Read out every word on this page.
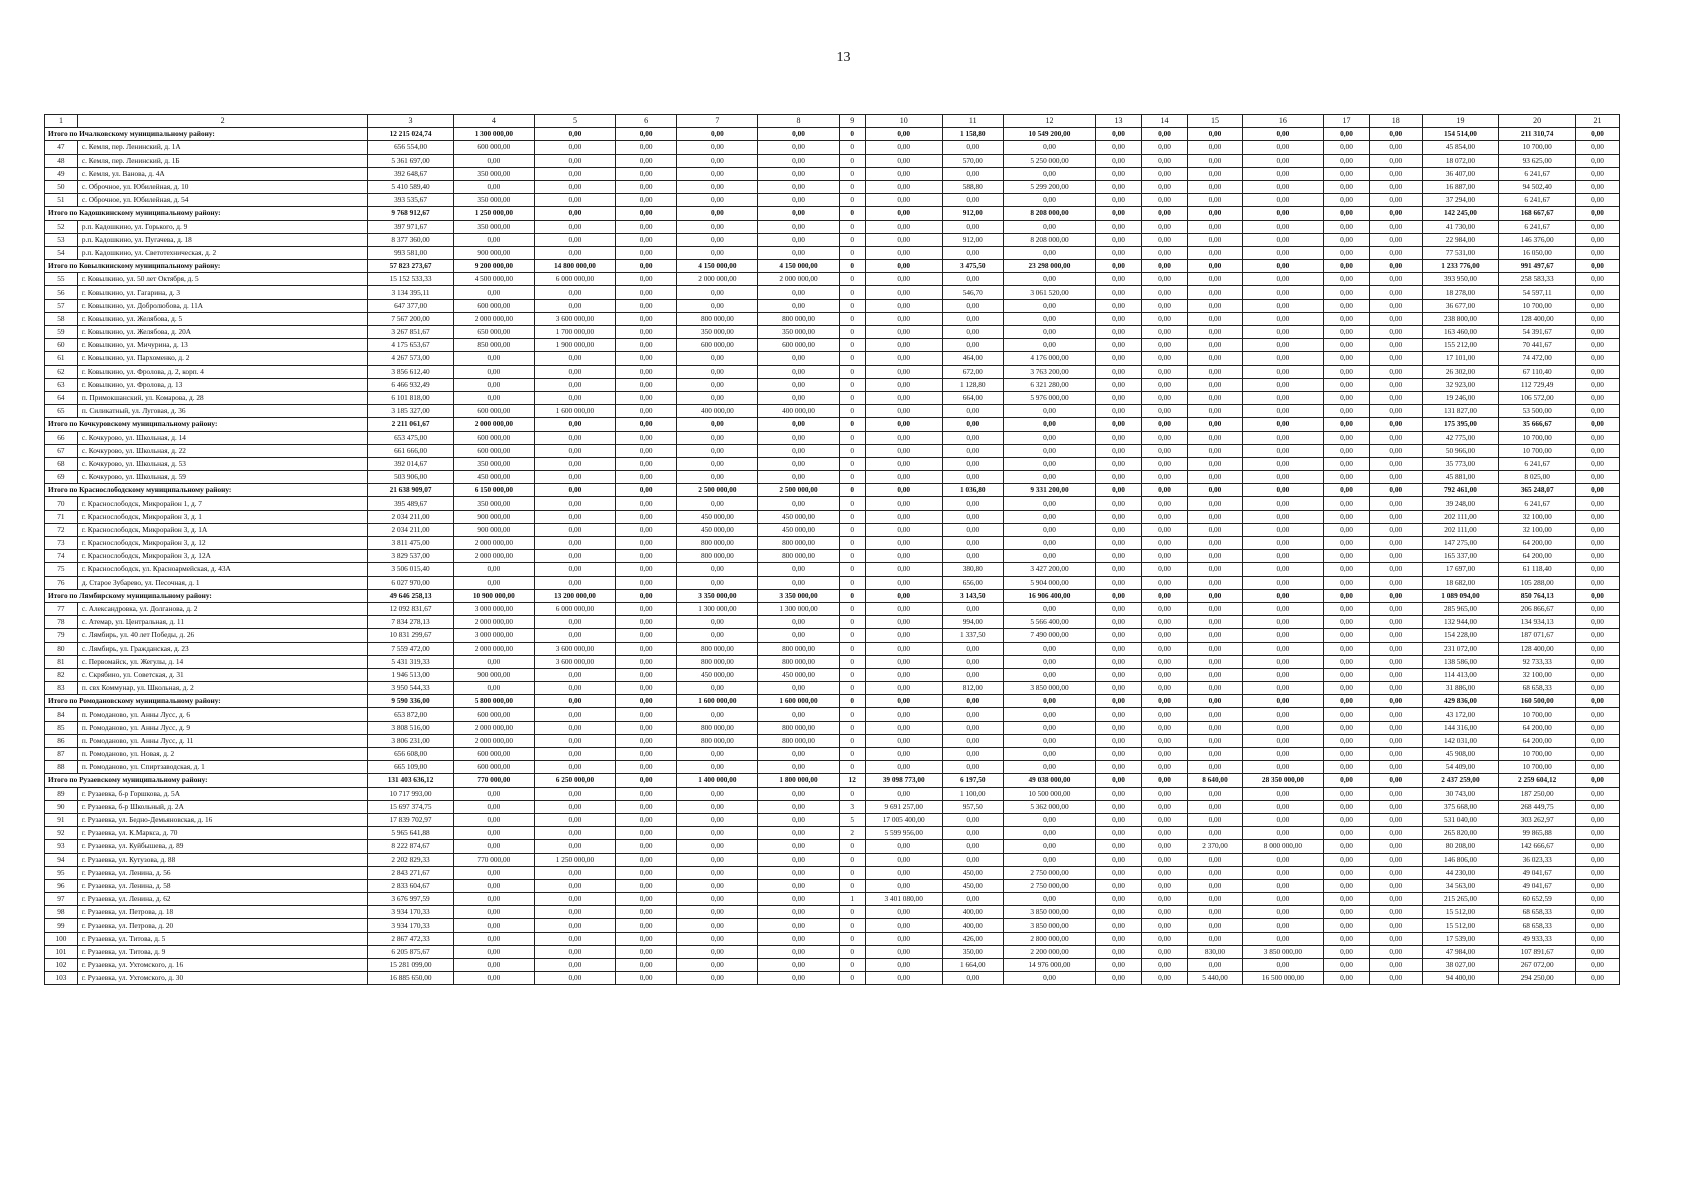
13
1	2	3	4	5	6	7	8	9	10	11	12	13	14	15	16	17	18	19	20	21
Итого по Ичалковскому муниципальному району:		12 215 024,74	1 300 000,00	0,00	0,00	0,00	0,00	0	0,00	1 158,80	10 549 200,00	0,00	0,00	0,00	0,00	0,00	0,00	154 514,00	211 310,74	0,00
47	с. Кемля, пер. Ленинский, д. 1А	656 554,00	600 000,00	0,00	0,00	0,00	0,00	0	0,00	0,00	0,00	0,00	0,00	0,00	0,00	0,00	0,00	45 854,00	10 700,00	0,00
48	с. Кемля, пер. Ленинский, д. 1Б	5 361 697,00	0,00	0,00	0,00	0,00	0,00	0	0,00	570,00	5 250 000,00	0,00	0,00	0,00	0,00	0,00	0,00	18 072,00	93 625,00	0,00
49	с. Кемля, ул. Ванова, д. 4А	392 648,67	350 000,00	0,00	0,00	0,00	0,00	0	0,00	0,00	0,00	0,00	0,00	0,00	0,00	0,00	0,00	36 407,00	6 241,67	0,00
50	с. Оброчное, ул. Юбилейная, д. 10	5 410 589,40	0,00	0,00	0,00	0,00	0,00	0	0,00	588,80	5 299 200,00	0,00	0,00	0,00	0,00	0,00	0,00	16 887,00	94 502,40	0,00
51	с. Оброчное, ул. Юбилейная, д. 54	393 535,67	350 000,00	0,00	0,00	0,00	0,00	0	0,00	0,00	0,00	0,00	0,00	0,00	0,00	0,00	0,00	37 294,00	6 241,67	0,00
Итого по Кадошкинскому муниципальному району:		9 768 912,67	1 250 000,00	0,00	0,00	0,00	0,00	0	0,00	912,00	8 208 000,00	0,00	0,00	0,00	0,00	0,00	0,00	142 245,00	168 667,67	0,00
52	р.п. Кадошкино, ул. Горького, д. 9	397 971,67	350 000,00	0,00	0,00	0,00	0,00	0	0,00	0,00	0,00	0,00	0,00	0,00	0,00	0,00	0,00	41 730,00	6 241,67	0,00
53	р.п. Кадошкино, ул. Пугачева, д. 18	8 377 360,00	0,00	0,00	0,00	0,00	0,00	0	0,00	912,00	8 208 000,00	0,00	0,00	0,00	0,00	0,00	0,00	22 984,00	146 376,00	0,00
54	р.п. Кадошкино, ул. Светотехническая, д. 2	993 581,00	900 000,00	0,00	0,00	0,00	0,00	0	0,00	0,00	0,00	0,00	0,00	0,00	0,00	0,00	0,00	77 531,00	16 050,00	0,00
Итого по Ковылкинскому муниципальному району:		57 823 273,67	9 200 000,00	14 800 000,00	0,00	4 150 000,00	4 150 000,00	0	0,00	3 475,50	23 298 000,00	0,00	0,00	0,00	0,00	0,00	0,00	1 233 776,00	991 497,67	0,00
55	г. Ковылкино, ул. 50 лет Октября, д. 5	15 152 533,33	4 500 000,00	6 000 000,00	0,00	2 000 000,00	2 000 000,00	0	0,00	0,00	0,00	0,00	0,00	0,00	0,00	0,00	0,00	393 950,00	258 583,33	0,00
56	г. Ковылкино, ул. Гагарина, д. 3	3 134 395,11	0,00	0,00	0,00	0,00	0,00	0	0,00	546,70	3 061 520,00	0,00	0,00	0,00	0,00	0,00	0,00	18 278,00	54 597,11	0,00
57	г. Ковылкино, ул. Добролюбова, д. 11А	647 377,00	600 000,00	0,00	0,00	0,00	0,00	0	0,00	0,00	0,00	0,00	0,00	0,00	0,00	0,00	0,00	36 677,00	10 700,00	0,00
58	г. Ковылкино, ул. Желябова, д. 5	7 567 200,00	2 000 000,00	3 600 000,00	0,00	800 000,00	800 000,00	0	0,00	0,00	0,00	0,00	0,00	0,00	0,00	0,00	0,00	238 800,00	128 400,00	0,00
59	г. Ковылкино, ул. Желябова, д. 20А	3 267 851,67	650 000,00	1 700 000,00	0,00	350 000,00	350 000,00	0	0,00	0,00	0,00	0,00	0,00	0,00	0,00	0,00	0,00	163 460,00	54 391,67	0,00
60	г. Ковылкино, ул. Мичурина, д. 13	4 175 653,67	850 000,00	1 900 000,00	0,00	600 000,00	600 000,00	0	0,00	0,00	0,00	0,00	0,00	0,00	0,00	0,00	0,00	155 212,00	70 441,67	0,00
61	г. Ковылкино, ул. Пархоменко, д. 2	4 267 573,00	0,00	0,00	0,00	0,00	0,00	0	0,00	464,00	4 176 000,00	0,00	0,00	0,00	0,00	0,00	0,00	17 101,00	74 472,00	0,00
62	г. Ковылкино, ул. Фролова, д. 2, корп. 4	3 856 612,40	0,00	0,00	0,00	0,00	0,00	0	0,00	672,00	3 763 200,00	0,00	0,00	0,00	0,00	0,00	0,00	26 302,00	67 110,40	0,00
63	г. Ковылкино, ул. Фролова, д. 13	6 466 932,49	0,00	0,00	0,00	0,00	0,00	0	0,00	1 128,80	6 321 280,00	0,00	0,00	0,00	0,00	0,00	0,00	32 923,00	112 729,49	0,00
64	п. Примокшанский, ул. Комарова, д. 28	6 101 818,00	0,00	0,00	0,00	0,00	0,00	0	0,00	664,00	5 976 000,00	0,00	0,00	0,00	0,00	0,00	0,00	19 246,00	106 572,00	0,00
65	п. Силикатный, ул. Луговая, д. 36	3 185 327,00	600 000,00	1 600 000,00	0,00	400 000,00	400 000,00	0	0,00	0,00	0,00	0,00	0,00	0,00	0,00	0,00	0,00	131 827,00	53 500,00	0,00
Итого по Кочкуровскому муниципальному району:		2 211 061,67	2 000 000,00	0,00	0,00	0,00	0,00	0	0,00	0,00	0,00	0,00	0,00	0,00	0,00	0,00	0,00	175 395,00	35 666,67	0,00
66	с. Кочкурово, ул. Школьная, д. 14	653 475,00	600 000,00	0,00	0,00	0,00	0,00	0	0,00	0,00	0,00	0,00	0,00	0,00	0,00	0,00	0,00	42 775,00	10 700,00	0,00
67	с. Кочкурово, ул. Школьная, д. 22	661 666,00	600 000,00	0,00	0,00	0,00	0,00	0	0,00	0,00	0,00	0,00	0,00	0,00	0,00	0,00	0,00	50 966,00	10 700,00	0,00
68	с. Кочкурово, ул. Школьная, д. 53	392 014,67	350 000,00	0,00	0,00	0,00	0,00	0	0,00	0,00	0,00	0,00	0,00	0,00	0,00	0,00	0,00	35 773,00	6 241,67	0,00
69	с. Кочкурово, ул. Школьная, д. 59	503 906,00	450 000,00	0,00	0,00	0,00	0,00	0	0,00	0,00	0,00	0,00	0,00	0,00	0,00	0,00	0,00	45 881,00	8 025,00	0,00
Итого по Краснослободскому муниципальному району:		21 638 909,07	6 150 000,00	0,00	0,00	2 500 000,00	2 500 000,00	0	0,00	1 036,80	9 331 200,00	0,00	0,00	0,00	0,00	0,00	0,00	792 461,00	365 248,07	0,00
70	г. Краснослободск, Микрорайон 1, д. 7	395 489,67	350 000,00	0,00	0,00	0,00	0,00	0	0,00	0,00	0,00	0,00	0,00	0,00	0,00	0,00	0,00	39 248,00	6 241,67	0,00
71	г. Краснослободск, Микрорайон 3, д. 1	2 034 211,00	900 000,00	0,00	0,00	450 000,00	450 000,00	0	0,00	0,00	0,00	0,00	0,00	0,00	0,00	0,00	0,00	202 111,00	32 100,00	0,00
72	г. Краснослободск, Микрорайон 3, д. 1А	2 034 211,00	900 000,00	0,00	0,00	450 000,00	450 000,00	0	0,00	0,00	0,00	0,00	0,00	0,00	0,00	0,00	0,00	202 111,00	32 100,00	0,00
73	г. Краснослободск, Микрорайон 3, д. 12	3 811 475,00	2 000 000,00	0,00	0,00	800 000,00	800 000,00	0	0,00	0,00	0,00	0,00	0,00	0,00	0,00	0,00	0,00	147 275,00	64 200,00	0,00
74	г. Краснослободск, Микрорайон 3, д. 12А	3 829 537,00	2 000 000,00	0,00	0,00	800 000,00	800 000,00	0	0,00	0,00	0,00	0,00	0,00	0,00	0,00	0,00	0,00	165 337,00	64 200,00	0,00
75	г. Краснослободск, ул. Красноармейская, д. 43А	3 506 015,40	0,00	0,00	0,00	0,00	0,00	0	0,00	380,80	3 427 200,00	0,00	0,00	0,00	0,00	0,00	0,00	17 697,00	61 118,40	0,00
76	д. Старое Зубарево, ул. Песочная, д. 1	6 027 970,00	0,00	0,00	0,00	0,00	0,00	0	0,00	656,00	5 904 000,00	0,00	0,00	0,00	0,00	0,00	0,00	18 682,00	105 288,00	0,00
Итого по Лямбирскому муниципальному району:		49 646 258,13	10 900 000,00	13 200 000,00	0,00	3 350 000,00	3 350 000,00	0	0,00	3 143,50	16 906 400,00	0,00	0,00	0,00	0,00	0,00	0,00	1 089 094,00	850 764,13	0,00
77	с. Александровка, ул. Долганова, д. 2	12 092 831,67	3 000 000,00	6 000 000,00	0,00	1 300 000,00	1 300 000,00	0	0,00	0,00	0,00	0,00	0,00	0,00	0,00	0,00	0,00	285 965,00	206 866,67	0,00
78	с. Атемар, ул. Центральная, д. 11	7 834 278,13	2 000 000,00	0,00	0,00	0,00	0,00	0	0,00	994,00	5 566 400,00	0,00	0,00	0,00	0,00	0,00	0,00	132 944,00	134 934,13	0,00
79	с. Лямбирь, ул. 40 лет Победы, д. 26	10 831 299,67	3 000 000,00	0,00	0,00	0,00	0,00	0	0,00	1 337,50	7 490 000,00	0,00	0,00	0,00	0,00	0,00	0,00	154 228,00	187 071,67	0,00
80	с. Лямбирь, ул. Гражданская, д. 23	7 559 472,00	2 000 000,00	3 600 000,00	0,00	800 000,00	800 000,00	0	0,00	0,00	0,00	0,00	0,00	0,00	0,00	0,00	0,00	231 072,00	128 400,00	0,00
81	с. Первомайск, ул. Жегулы, д. 14	5 431 319,33	0,00	3 600 000,00	0,00	800 000,00	800 000,00	0	0,00	0,00	0,00	0,00	0,00	0,00	0,00	0,00	0,00	138 586,00	92 733,33	0,00
82	с. Скрябино, ул. Советская, д. 31	1 946 513,00	900 000,00	0,00	0,00	450 000,00	450 000,00	0	0,00	0,00	0,00	0,00	0,00	0,00	0,00	0,00	0,00	114 413,00	32 100,00	0,00
83	п. свх Коммунар, ул. Школьная, д. 2	3 950 544,33	0,00	0,00	0,00	0,00	0,00	0	0,00	812,00	3 850 000,00	0,00	0,00	0,00	0,00	0,00	0,00	31 886,00	68 658,33	0,00
Итого по Ромодановскому муниципальному району:		9 590 336,00	5 800 000,00	0,00	0,00	1 600 000,00	1 600 000,00	0	0,00	0,00	0,00	0,00	0,00	0,00	0,00	0,00	0,00	429 836,00	160 500,00	0,00
84	п. Ромоданово, ул. Анны Лусс, д. 6	653 872,00	600 000,00	0,00	0,00	0,00	0,00	0	0,00	0,00	0,00	0,00	0,00	0,00	0,00	0,00	0,00	43 172,00	10 700,00	0,00
85	п. Ромоданово, ул. Анны Лусс, д. 9	3 808 516,00	2 000 000,00	0,00	0,00	800 000,00	800 000,00	0	0,00	0,00	0,00	0,00	0,00	0,00	0,00	0,00	0,00	144 316,00	64 200,00	0,00
86	п. Ромоданово, ул. Анны Лусс, д. 11	3 806 231,00	2 000 000,00	0,00	0,00	800 000,00	800 000,00	0	0,00	0,00	0,00	0,00	0,00	0,00	0,00	0,00	0,00	142 031,00	64 200,00	0,00
87	п. Ромоданово, ул. Новая, д. 2	656 608,00	600 000,00	0,00	0,00	0,00	0,00	0	0,00	0,00	0,00	0,00	0,00	0,00	0,00	0,00	0,00	45 908,00	10 700,00	0,00
88	п. Ромоданово, ул. Спиртзаводская, д. 1	665 109,00	600 000,00	0,00	0,00	0,00	0,00	0	0,00	0,00	0,00	0,00	0,00	0,00	0,00	0,00	0,00	54 409,00	10 700,00	0,00
Итого по Рузаевскому муниципальному району:		131 403 636,12	770 000,00	6 250 000,00	0,00	1 400 000,00	1 800 000,00	12	39 098 773,00	6 197,50	49 038 000,00	0,00	0,00	8 640,00	28 350 000,00	0,00	0,00	2 437 259,00	2 259 604,12	0,00
89	г. Рузаевка, б-р Горшкова, д. 5А	10 717 993,00	0,00	0,00	0,00	0,00	0,00	0	0,00	1 100,00	10 500 000,00	0,00	0,00	0,00	0,00	0,00	0,00	30 743,00	187 250,00	0,00
90	г. Рузаевка, б-р Школьный, д. 2А	15 697 374,75	0,00	0,00	0,00	0,00	0,00	3	9 691 257,00	957,50	5 362 000,00	0,00	0,00	0,00	0,00	0,00	0,00	375 668,00	268 449,75	0,00
91	г. Рузаевка, ул. Бедно-Демьяновская, д. 16	17 839 702,97	0,00	0,00	0,00	0,00	0,00	5	17 005 400,00	0,00	0,00	0,00	0,00	0,00	0,00	0,00	0,00	531 040,00	303 262,97	0,00
92	г. Рузаевка, ул. К.Маркса, д. 70	5 965 641,88	0,00	0,00	0,00	0,00	0,00	2	5 599 956,00	0,00	0,00	0,00	0,00	0,00	0,00	0,00	0,00	265 820,00	99 865,88	0,00
93	г. Рузаевка, ул. Куйбышева, д. 89	8 222 874,67	0,00	0,00	0,00	0,00	0,00	0	0,00	0,00	0,00	0,00	0,00	2 370,00	8 000 000,00	0,00	0,00	80 208,00	142 666,67	0,00
94	г. Рузаевка, ул. Кутузова, д. 88	2 202 829,33	770 000,00	1 250 000,00	0,00	0,00	0,00	0	0,00	0,00	0,00	0,00	0,00	0,00	0,00	0,00	0,00	146 806,00	36 023,33	0,00
95	г. Рузаевка, ул. Ленина, д. 56	2 843 271,67	0,00	0,00	0,00	0,00	0,00	0	0,00	450,00	2 750 000,00	0,00	0,00	0,00	0,00	0,00	0,00	44 230,00	49 041,67	0,00
96	г. Рузаевка, ул. Ленина, д. 58	2 833 604,67	0,00	0,00	0,00	0,00	0,00	0	0,00	450,00	2 750 000,00	0,00	0,00	0,00	0,00	0,00	0,00	34 563,00	49 041,67	0,00
97	г. Рузаевка, ул. Ленина, д. 62	3 676 997,59	0,00	0,00	0,00	0,00	0,00	1	3 401 080,00	0,00	0,00	0,00	0,00	0,00	0,00	0,00	0,00	215 265,00	60 652,59	0,00
98	г. Рузаевка, ул. Петрова, д. 18	3 934 170,33	0,00	0,00	0,00	0,00	0,00	0	0,00	400,00	3 850 000,00	0,00	0,00	0,00	0,00	0,00	0,00	15 512,00	68 658,33	0,00
99	г. Рузаевка, ул. Петрова, д. 20	3 934 170,33	0,00	0,00	0,00	0,00	0,00	0	0,00	400,00	3 850 000,00	0,00	0,00	0,00	0,00	0,00	0,00	15 512,00	68 658,33	0,00
100	г. Рузаевка, ул. Титова, д. 5	2 867 472,33	0,00	0,00	0,00	0,00	0,00	0	0,00	426,00	2 800 000,00	0,00	0,00	0,00	0,00	0,00	0,00	17 539,00	49 933,33	0,00
101	г. Рузаевка, ул. Титова, д. 9	6 205 875,67	0,00	0,00	0,00	0,00	0,00	0	0,00	350,00	2 200 000,00	0,00	0,00	830,00	3 850 000,00	0,00	0,00	47 984,00	107 891,67	0,00
102	г. Рузаевка, ул. Ухтомского, д. 16	15 281 099,00	0,00	0,00	0,00	0,00	0,00	0	0,00	1 664,00	14 976 000,00	0,00	0,00	0,00	0,00	0,00	0,00	38 027,00	267 072,00	0,00
103	г. Рузаевка, ул. Ухтомского, д. 30	16 885 650,00	0,00	0,00	0,00	0,00	0,00	0	0,00	0,00	0,00	0,00	0,00	5 440,00	16 500 000,00	0,00	0,00	94 400,00	294 250,00	0,00
